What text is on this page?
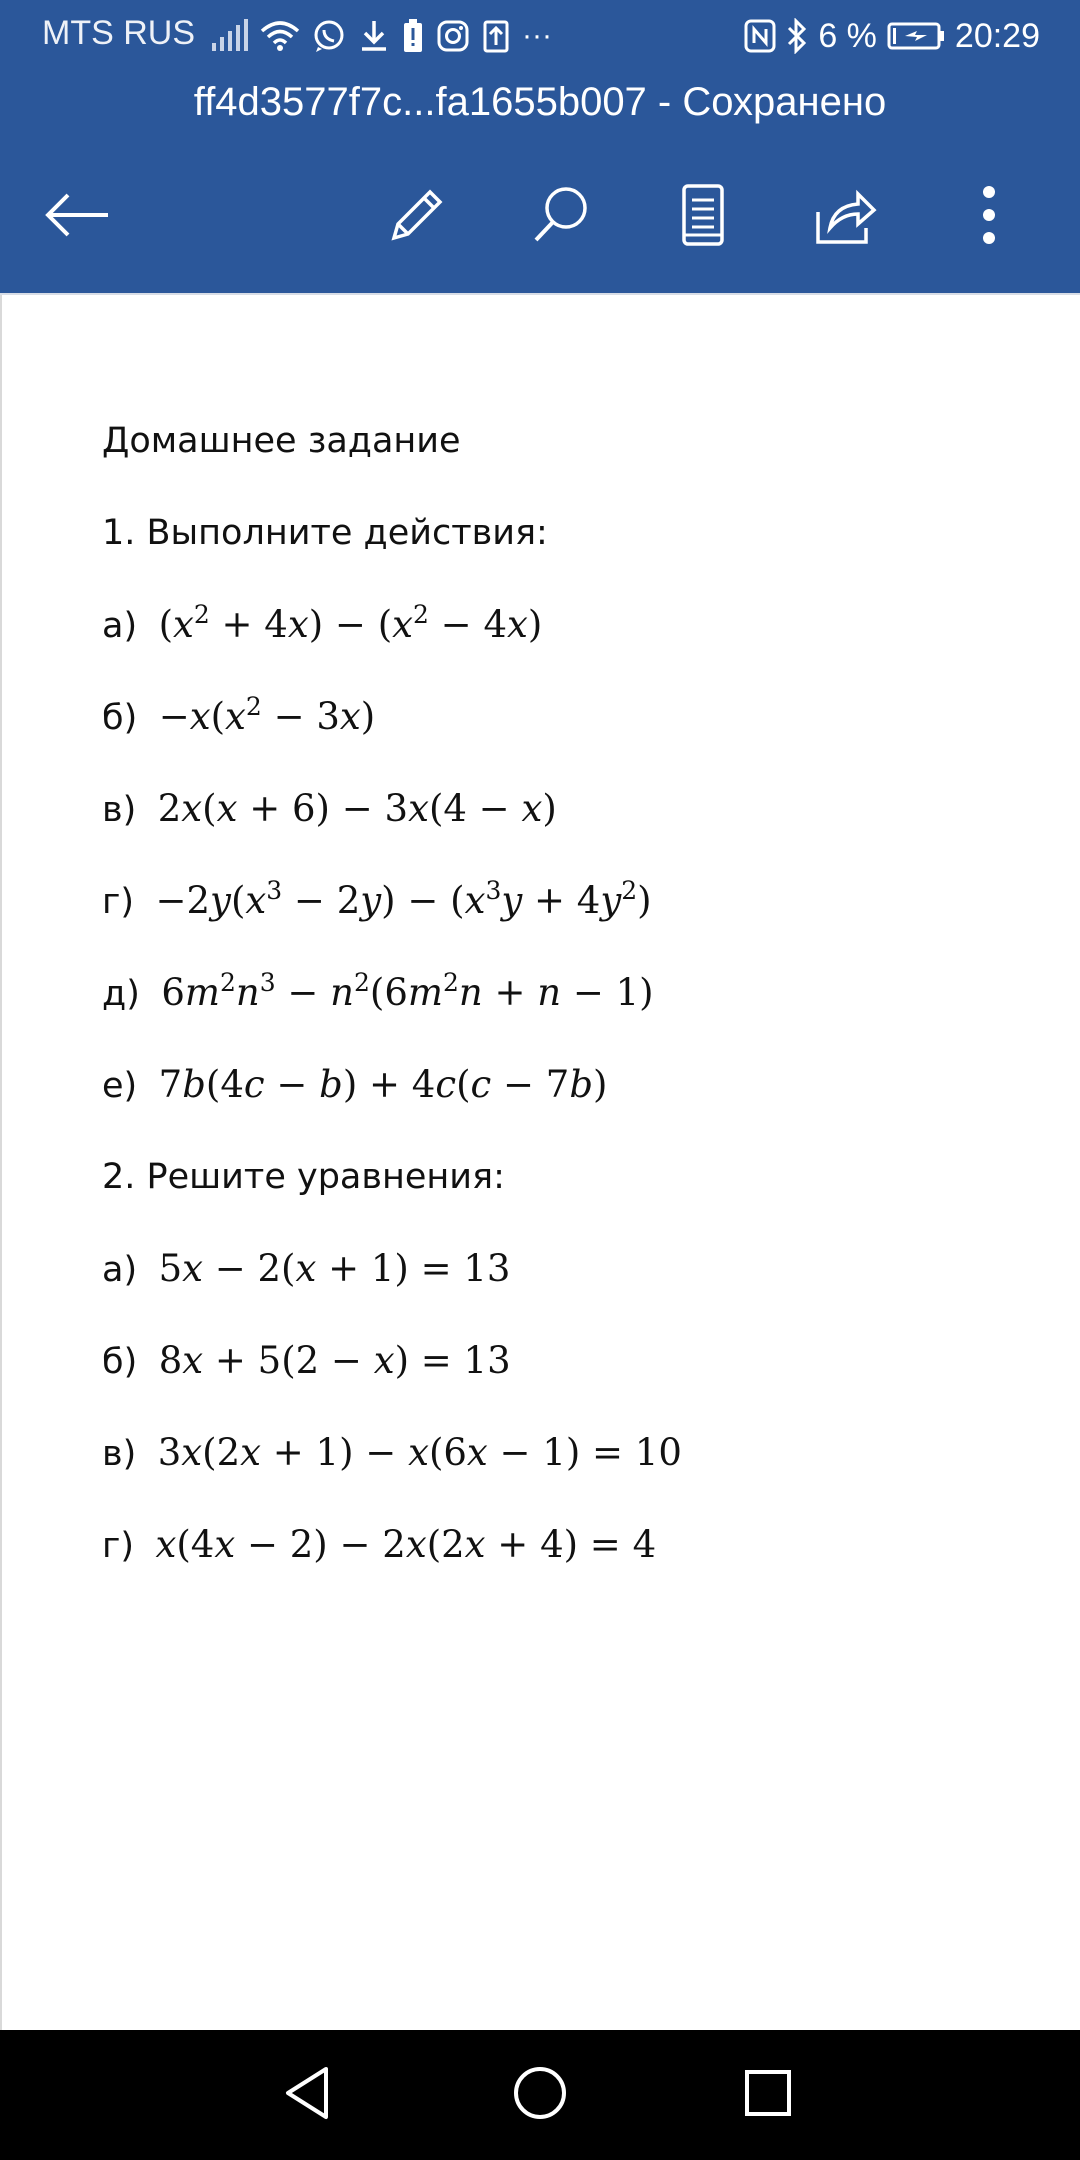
MTS RUS	···	6 % 20:29
ff4d3577f7c...fa1655b007 - Сохранено
Домашнее задание
1. Выполните действия:
а) $(x^2 + 4x) - (x^2 - 4x)$
$б) -x(x^2 - 3x)$
в) 2x(x + 6) − 3x(4 − x)
$г) -2y(x^3 - 2y) - (x^3y + 4y^2)$
д) $6m^2n^3 - n^2(6m^2n + n - 1)$
е) 7b(4c − b) + 4c(c − 7b)
2. Решите уравнения:
а) 5x − 2(x + 1) = 13
б) 8x + 5(2 − x) = 13
в) 3x(2x + 1) − x(6x − 1) = 10
г) x(4x − 2) − 2x(2x + 4) = 4
